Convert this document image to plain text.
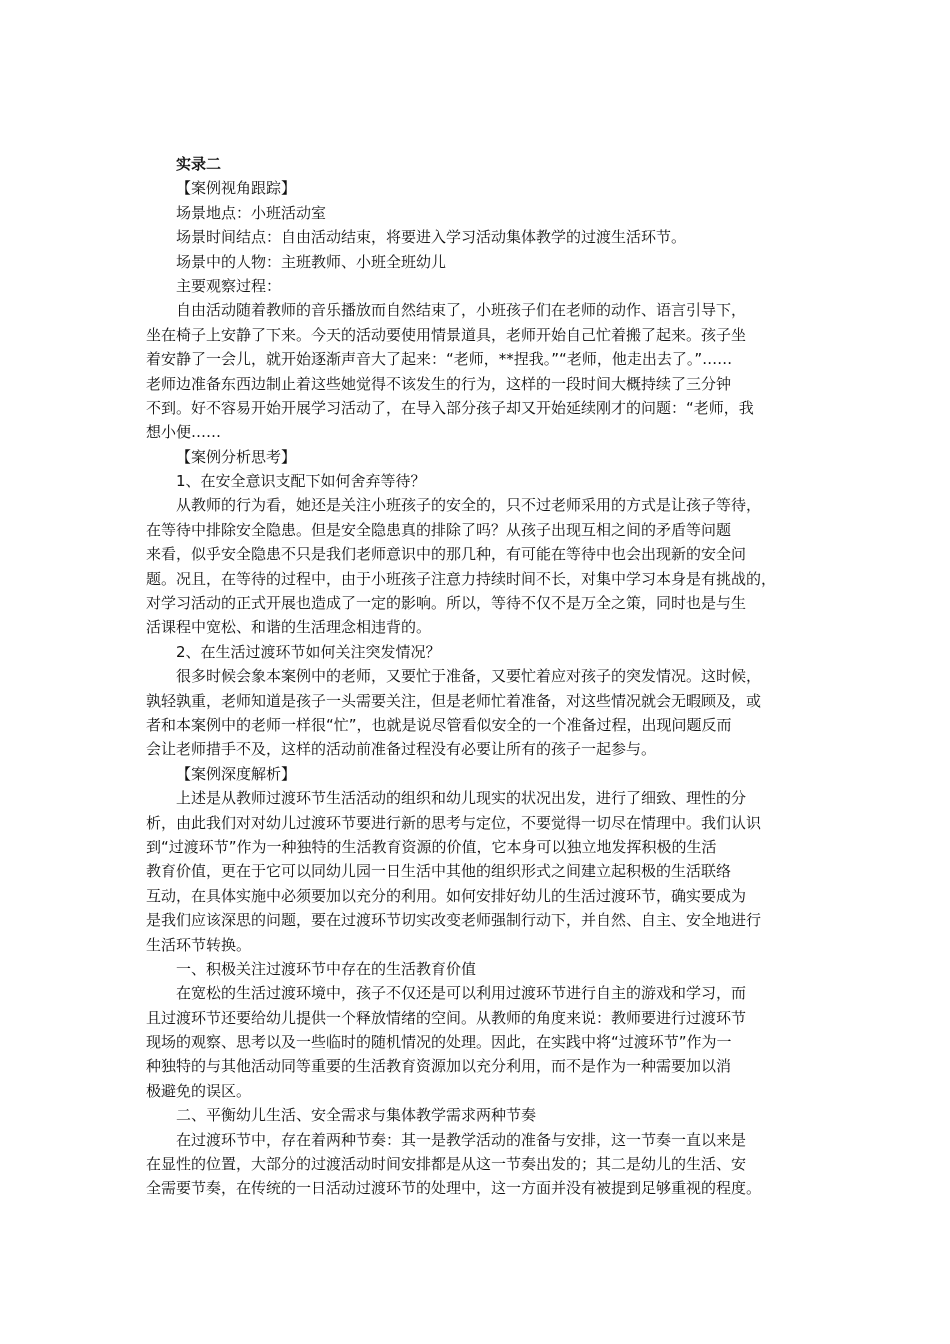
实录二
【案例视角跟踪】
场景地点：小班活动室
场景时间结点：自由活动结束，将要进入学习活动集体教学的过渡生活环节。
场景中的人物：主班教师、小班全班幼儿
主要观察过程：
自由活动随着教师的音乐播放而自然结束了，小班孩子们在老师的动作、语言引导下，
坐在椅子上安静了下来。今天的活动要使用情景道具，老师开始自己忙着搬了起来。孩子坐
着安静了一会儿，就开始逐渐声音大了起来：“老师，**捏我。”“老师，他走出去了。”……
老师边准备东西边制止着这些她觉得不该发生的行为，这样的一段时间大概持续了三分钟
不到。好不容易开始开展学习活动了，在导入部分孩子却又开始延续刚才的问题：“老师，我
想小便……
【案例分析思考】
1、在安全意识支配下如何舍弃等待？
从教师的行为看，她还是关注小班孩子的安全的，只不过老师采用的方式是让孩子等待，
在等待中排除安全隐患。但是安全隐患真的排除了吗？从孩子出现互相之间的矛盾等问题
来看，似乎安全隐患不只是我们老师意识中的那几种，有可能在等待中也会出现新的安全问
题。况且，在等待的过程中，由于小班孩子注意力持续时间不长，对集中学习本身是有挑战的，
对学习活动的正式开展也造成了一定的影响。所以，等待不仅不是万全之策，同时也是与生
活课程中宽松、和谐的生活理念相违背的。
2、在生活过渡环节如何关注突发情况？
很多时候会象本案例中的老师，又要忙于准备，又要忙着应对孩子的突发情况。这时候，
孰轻孰重，老师知道是孩子一头需要关注，但是老师忙着准备，对这些情况就会无暇顾及，或
者和本案例中的老师一样很“忙”，也就是说尽管看似安全的一个准备过程，出现问题反而
会让老师措手不及，这样的活动前准备过程没有必要让所有的孩子一起参与。
【案例深度解析】
上述是从教师过渡环节生活活动的组织和幼儿现实的状况出发，进行了细致、理性的分
析，由此我们对对幼儿过渡环节要进行新的思考与定位，不要觉得一切尽在情理中。我们认识
到“过渡环节”作为一种独特的生活教育资源的价值，它本身可以独立地发挥积极的生活
教育价值，更在于它可以同幼儿园一日生活中其他的组织形式之间建立起积极的生活联络
互动，在具体实施中必须要加以充分的利用。如何安排好幼儿的生活过渡环节，确实要成为
是我们应该深思的问题，要在过渡环节切实改变老师强制行动下，并自然、自主、安全地进行
生活环节转换。
一、积极关注过渡环节中存在的生活教育价值
在宽松的生活过渡环境中，孩子不仅还是可以利用过渡环节进行自主的游戏和学习，而
且过渡环节还要给幼儿提供一个释放情绪的空间。从教师的角度来说：教师要进行过渡环节
现场的观察、思考以及一些临时的随机情况的处理。因此，在实践中将“过渡环节”作为一
种独特的与其他活动同等重要的生活教育资源加以充分利用，而不是作为一种需要加以消
极避免的误区。
二、平衡幼儿生活、安全需求与集体教学需求两种节奏
在过渡环节中，存在着两种节奏：其一是教学活动的准备与安排，这一节奏一直以来是
在显性的位置，大部分的过渡活动时间安排都是从这一节奏出发的；其二是幼儿的生活、安
全需要节奏，在传统的一日活动过渡环节的处理中，这一方面并没有被提到足够重视的程度。
